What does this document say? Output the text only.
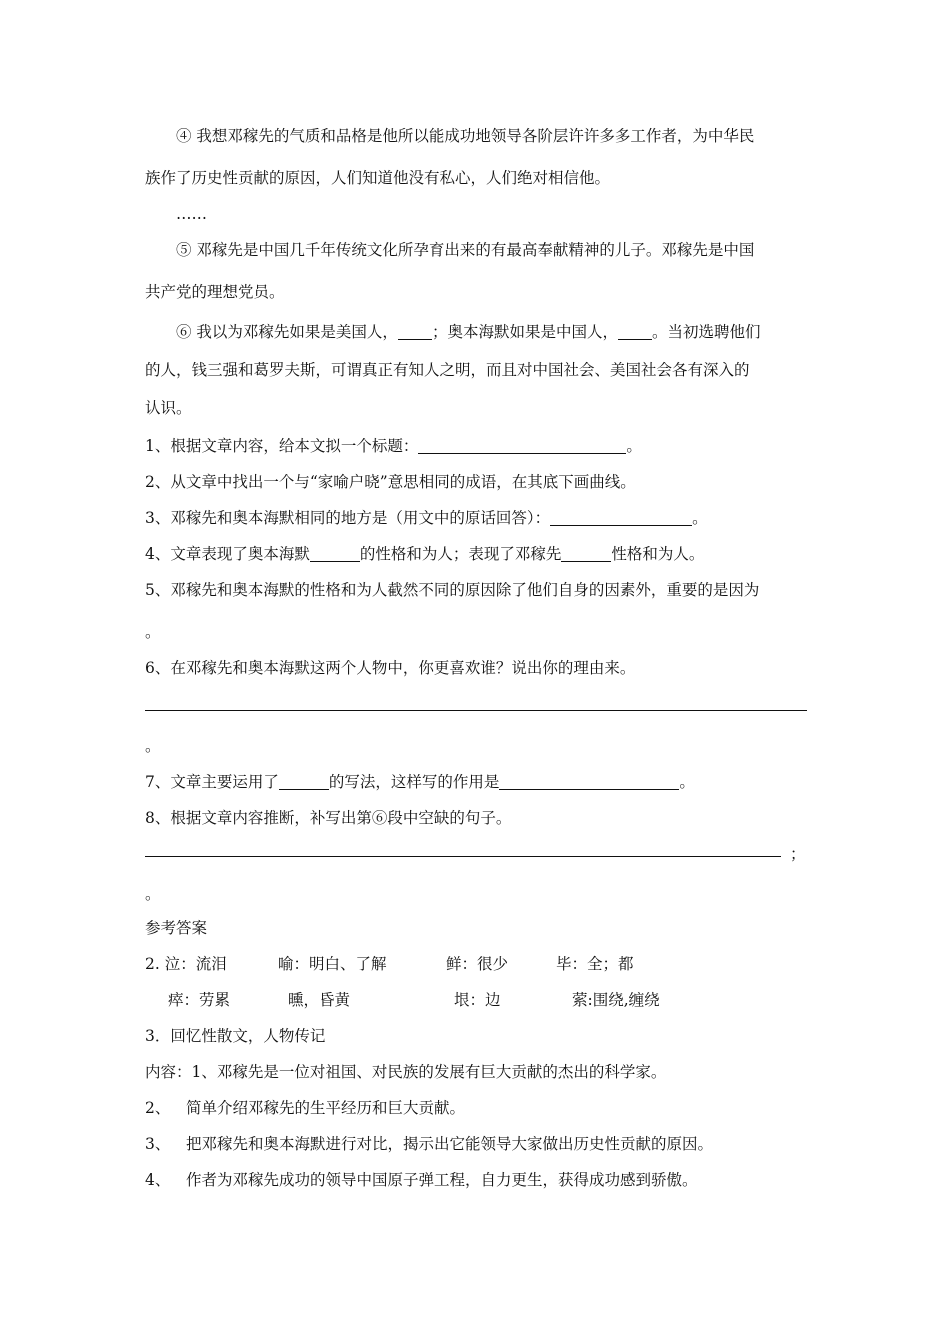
④ 我想邓稼先的气质和品格是他所以能成功地领导各阶层许许多多工作者，为中华民
族作了历史性贡献的原因，人们知道他没有私心，人们绝对相信他。
……
⑤ 邓稼先是中国几千年传统文化所孕育出来的有最高奉献精神的儿子。邓稼先是中国
共产党的理想党员。
⑥ 我以为邓稼先如果是美国人， ；奥本海默如果是中国人， 。当初选聘他们
的人，钱三强和葛罗夫斯，可谓真正有知人之明，而且对中国社会、美国社会各有深入的
认识。
1、根据文章内容，给本文拟一个标题：	。
2、从文章中找出一个与“家喻户晓”意思相同的成语，在其底下画曲线。
3、邓稼先和奥本海默相同的地方是（用文中的原话回答）：	。
4、文章表现了奥本海默	的性格和为人；表现了邓稼先	性格和为人。
5、邓稼先和奥本海默的性格和为人截然不同的原因除了他们自身的因素外，重要的是因为
。
6、在邓稼先和奥本海默这两个人物中，你更喜欢谁？说出你的理由来。
。
7、文章主要运用了	的写法，这样写的作用是	。
8、根据文章内容推断，补写出第⑥段中空缺的句子。
；
。
参考答案
2. 泣：流泪	喻：明白、了解	鲜：很少	毕：全；都
瘁：劳累	曛，昏黄	垠：边	萦:围绕,缠绕
3．回忆性散文，人物传记
内容：1、邓稼先是一位对祖国、对民族的发展有巨大贡献的杰出的科学家。
2、 简单介绍邓稼先的生平经历和巨大贡献。
3、 把邓稼先和奥本海默进行对比，揭示出它能领导大家做出历史性贡献的原因。
4、 作者为邓稼先成功的领导中国原子弹工程，自力更生，获得成功感到骄傲。
